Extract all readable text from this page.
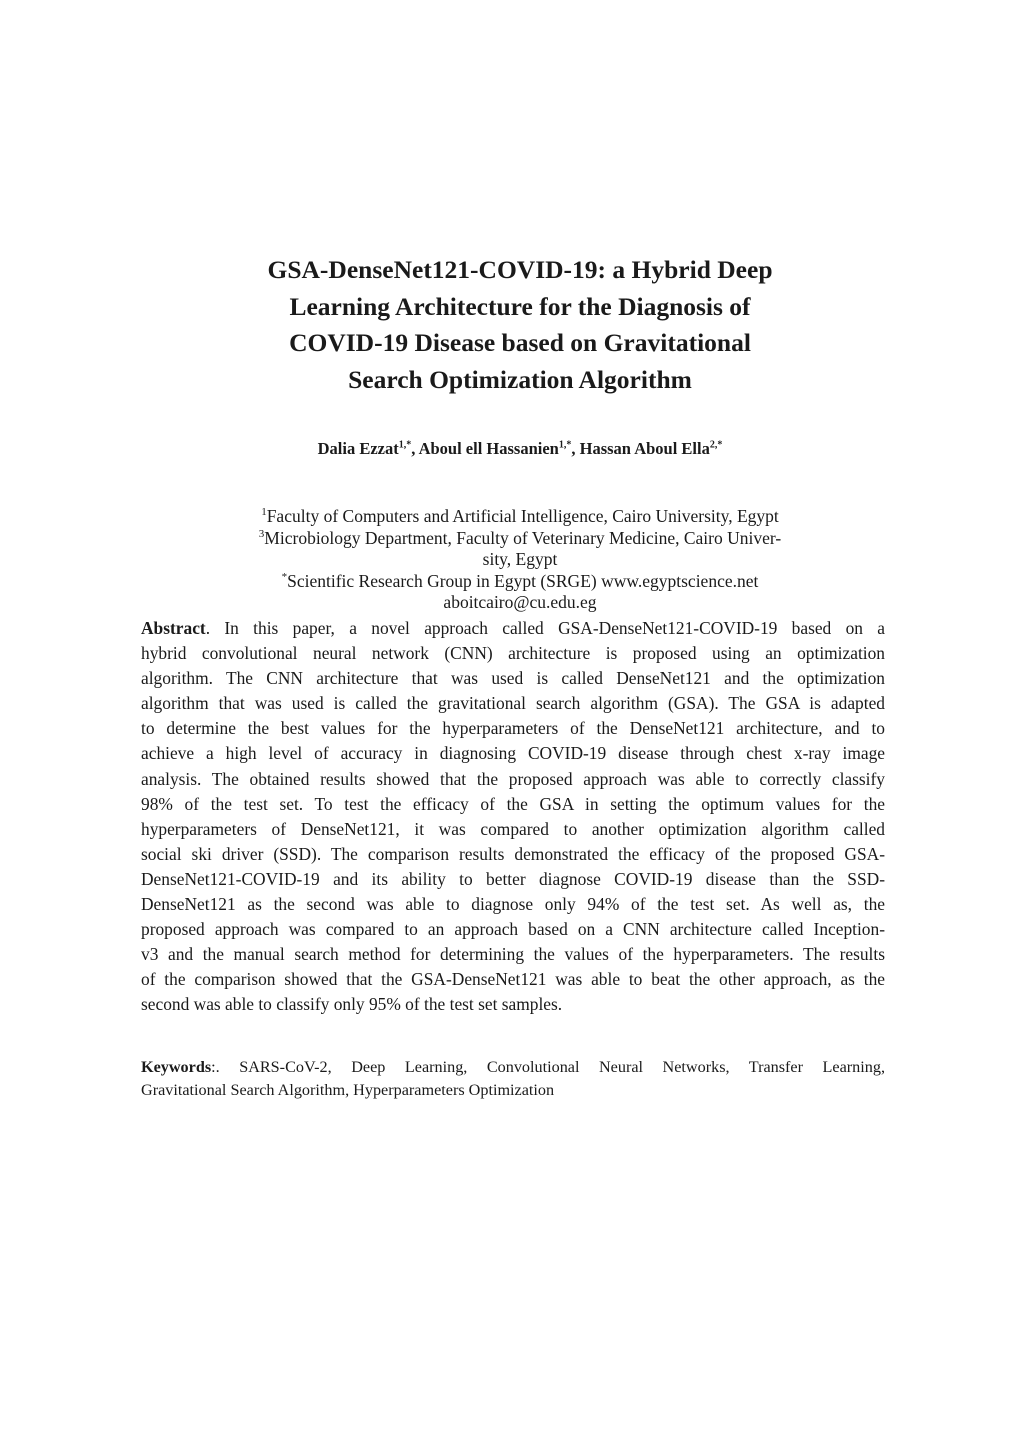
GSA-DenseNet121-COVID-19: a Hybrid Deep
Learning Architecture for the Diagnosis of
COVID-19 Disease based on Gravitational
Search Optimization Algorithm
Dalia Ezzat$^{1,*}$, Aboul ell Hassanien$^{1,*}$, Hassan Aboul Ella$^{2,*}$
$^1$Faculty of Computers and Artificial Intelligence, Cairo University, Egypt
$^3$Microbiology Department, Faculty of Veterinary Medicine, Cairo Univer-
sity, Egypt
*Scientific Research Group in Egypt (SRGE) www.egyptscience.net
aboitcairo@cu.edu.eg
Abstract. In this paper, a novel approach called GSA-DenseNet121-COVID-19 based on a
hybrid convolutional neural network (CNN) architecture is proposed using an optimization
algorithm. The CNN architecture that was used is called DenseNet121 and the optimization
algorithm that was used is called the gravitational search algorithm (GSA). The GSA is adapted
to determine the best values for the hyperparameters of the DenseNet121 architecture, and to
achieve a high level of accuracy in diagnosing COVID-19 disease through chest x-ray image
analysis. The obtained results showed that the proposed approach was able to correctly classify
98% of the test set. To test the efficacy of the GSA in setting the optimum values for the
hyperparameters of DenseNet121, it was compared to another optimization algorithm called
social ski driver (SSD). The comparison results demonstrated the efficacy of the proposed GSA-
DenseNet121-COVID-19 and its ability to better diagnose COVID-19 disease than the SSD-
DenseNet121 as the second was able to diagnose only 94% of the test set. As well as, the
proposed approach was compared to an approach based on a CNN architecture called Inception-
v3 and the manual search method for determining the values of the hyperparameters. The results
of the comparison showed that the GSA-DenseNet121 was able to beat the other approach, as the
second was able to classify only 95% of the test set samples.
Keywords:. SARS-CoV-2, Deep Learning, Convolutional Neural Networks, Transfer Learning,
Gravitational Search Algorithm, Hyperparameters Optimization
